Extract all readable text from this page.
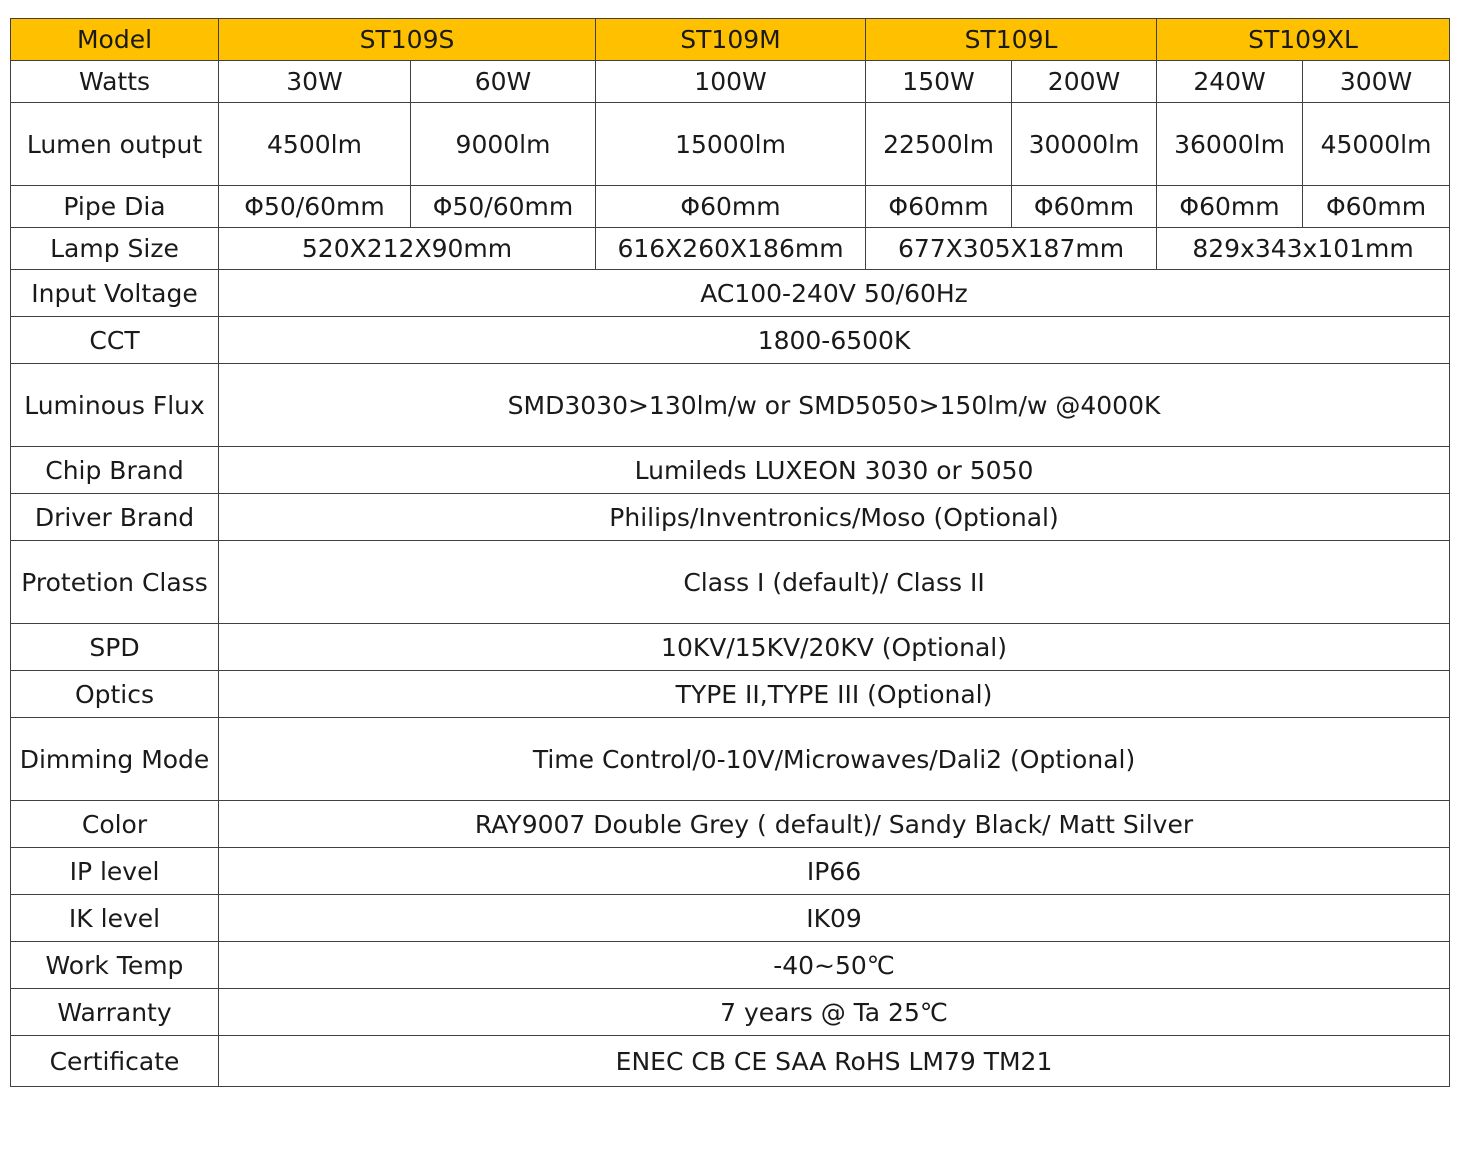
Model	ST109S		ST109M	ST109L		ST109XL	
Watts	30W	60W	100W	150W	200W	240W	300W
Lumen output	4500lm	9000lm	15000lm	22500lm	30000lm	36000lm	45000lm
Pipe Dia	Φ50/60mm	Φ50/60mm	Φ60mm	Φ60mm	Φ60mm	Φ60mm	Φ60mm
Lamp Size	520X212X90mm		616X260X186mm	677X305X187mm		829x343x101mm	
Input Voltage	AC100-240V 50/60Hz						
CCT	1800-6500K						
Luminous Flux	SMD3030>130lm/w or SMD5050>150lm/w @4000K						
Chip Brand	Lumileds LUXEON 3030 or 5050						
Driver Brand	Philips/Inventronics/Moso (Optional)						
Protetion Class	Class I (default)/ Class II						
SPD	10KV/15KV/20KV (Optional)						
Optics	TYPE II,TYPE III (Optional)						
Dimming Mode	Time Control/0-10V/Microwaves/Dali2 (Optional)						
Color	RAY9007 Double Grey ( default)/ Sandy Black/ Matt Silver						
IP level	IP66						
IK level	IK09						
Work Temp	-40~50℃						
Warranty	7 years @ Ta 25℃						
Certificate	ENEC CB CE SAA RoHS LM79 TM21						
